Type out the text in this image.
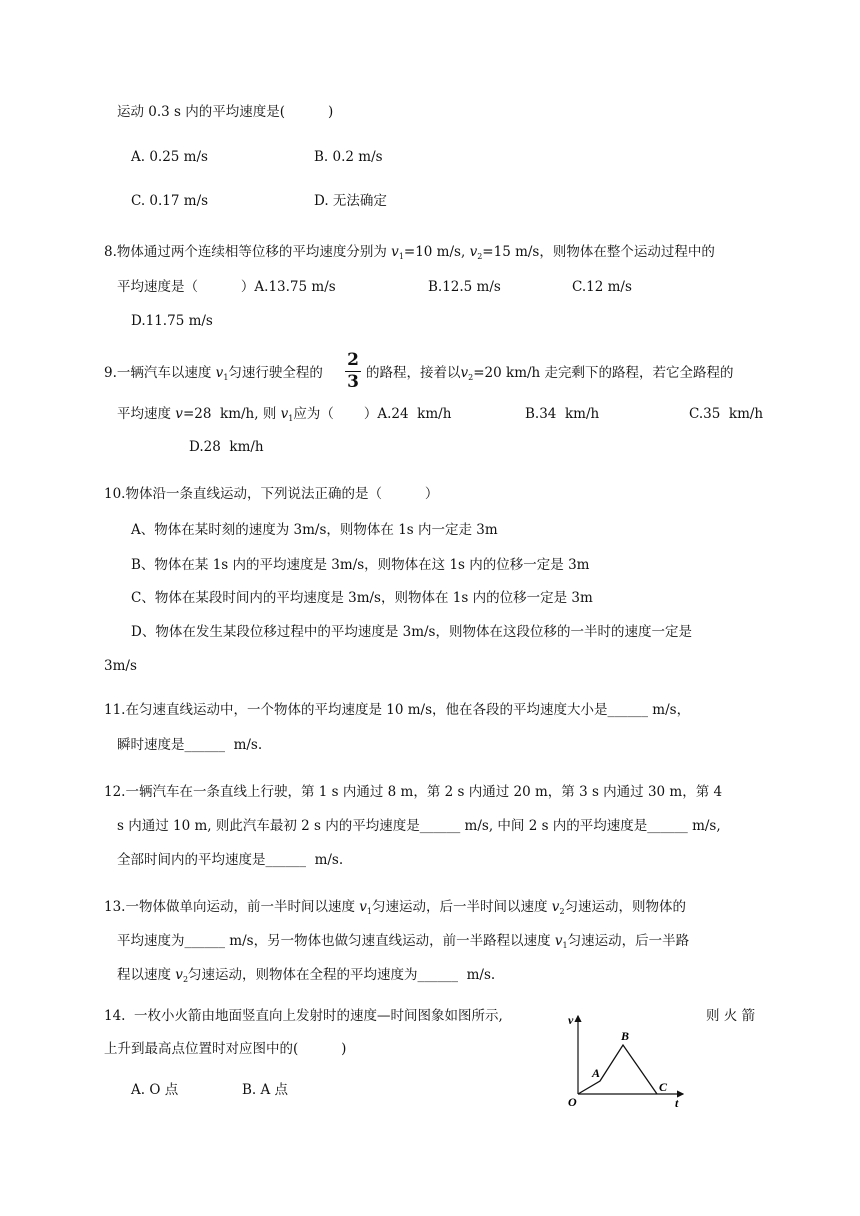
运动 0.3 s 内的平均速度是(          )
A. 0.25 m/s	B. 0.2 m/s
C. 0.17 m/s	D. 无法确定
8.物体通过两个连续相等位移的平均速度分别为 $v_1=10$ m/s, $v_2=15$ m/s，则物体在整个运动过程中的
平均速度是（          ）A.13.75 m/s	B.12.5 m/s	C.12 m/s
D.11.75 m/s
9.一辆汽车以速度 $v_1$匀速行驶全程的
2
3 的路程，接着以$v_2=20$ km/h 走完剩下的路程，若它全路程的
平均速度 v=28  km/h, 则 $v_1$应为（       ）A.24  km/h	B.34  km/h	C.35  km/h
D.28  km/h
10.物体沿一条直线运动，下列说法正确的是（          ）
A、物体在某时刻的速度为 3m/s，则物体在 1s 内一定走 3m
B、物体在某 1s 内的平均速度是 3m/s，则物体在这 1s 内的位移一定是 3m
C、物体在某段时间内的平均速度是 3m/s，则物体在 1s 内的位移一定是 3m
D、物体在发生某段位移过程中的平均速度是 3m/s，则物体在这段位移的一半时的速度一定是
3m/s
11.在匀速直线运动中，一个物体的平均速度是 10 m/s，他在各段的平均速度大小是______ m/s，
瞬时速度是______  m/s.
12.一辆汽车在一条直线上行驶，第 1 s 内通过 8 m，第 2 s 内通过 20 m，第 3 s 内通过 30 m，第 4
s 内通过 10 m, 则此汽车最初 2 s 内的平均速度是______ m/s, 中间 2 s 内的平均速度是______ m/s,
全部时间内的平均速度是______  m/s.
13.一物体做单向运动，前一半时间以速度 $v_1$匀速运动，后一半时间以速度 $v_2$匀速运动，则物体的
平均速度为______ m/s，另一物体也做匀速直线运动，前一半路程以速度 $v_1$匀速运动，后一半路
程以速度 $v_2$匀速运动，则物体在全程的平均速度为______  m/s.
14.  一枚小火箭由地面竖直向上发射时的速度—时间图象如图所示,	则 火 箭
上升到最高点位置时对应图中的(          )
A. O 点	B. A 点
v
t
O
A
B
C
